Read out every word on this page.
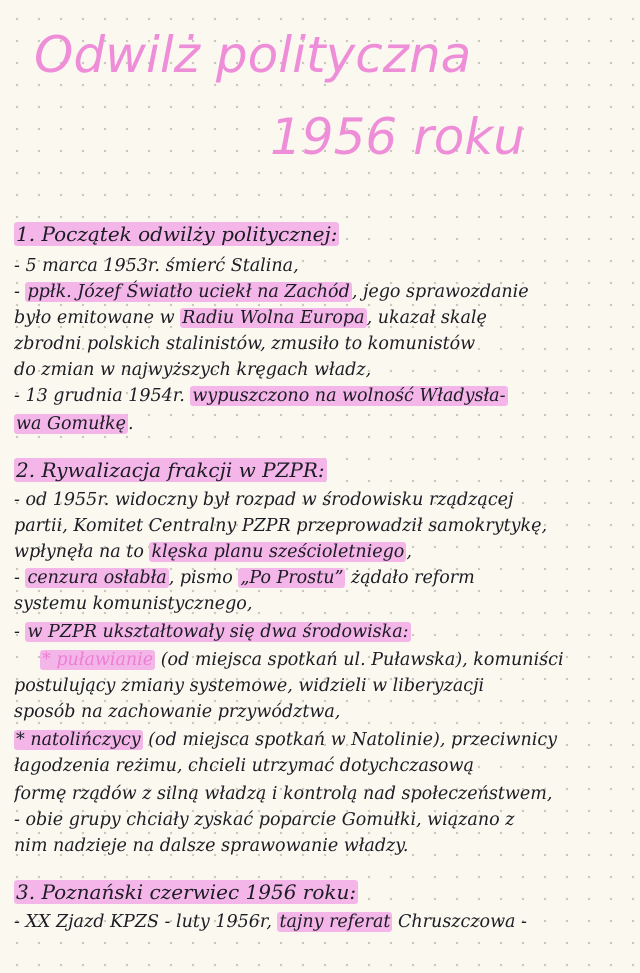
Odwilż polityczna
1956 roku
1. Początek odwilży politycznej:
- 5 marca 1953r. śmierć Stalina,
- ppłk. Józef Światło uciekł na Zachód , jego sprawozdanie
było emitowane w Radiu Wolna Europa , ukazał skalę
zbrodni polskich stalinistów, zmusiło to komunistów
do zmian w najwyższych kręgach władz,
- 13 grudnia 1954r. wypuszczono na wolność Władysła-
wa Gomułkę .
2. Rywalizacja frakcji w PZPR:
- od 1955r. widoczny był rozpad w środowisku rządzącej
partii, Komitet Centralny PZPR przeprowadził samokrytykę,
wpłynęła na to klęska planu sześcioletniego ,
- cenzura osłabła , pismo „Po Prostu” żądało reform
systemu komunistycznego,
- w PZPR ukształtowały się dwa środowiska:
* puławianie (od miejsca spotkań ul. Puławska), komuniści
postulujący zmiany systemowe, widzieli w liberyzacji
sposób na zachowanie przywództwa,
* natolińczycy (od miejsca spotkań w Natolinie), przeciwnicy
łagodzenia reżimu, chcieli utrzymać dotychczasową
formę rządów z silną władzą i kontrolą nad społeczeństwem,
- obie grupy chciały zyskać poparcie Gomułki, wiązano z
nim nadzieje na dalsze sprawowanie władzy.
3. Poznański czerwiec 1956 roku:
- XX Zjazd KPZS - luty 1956r, tajny referat Chruszczowa -
